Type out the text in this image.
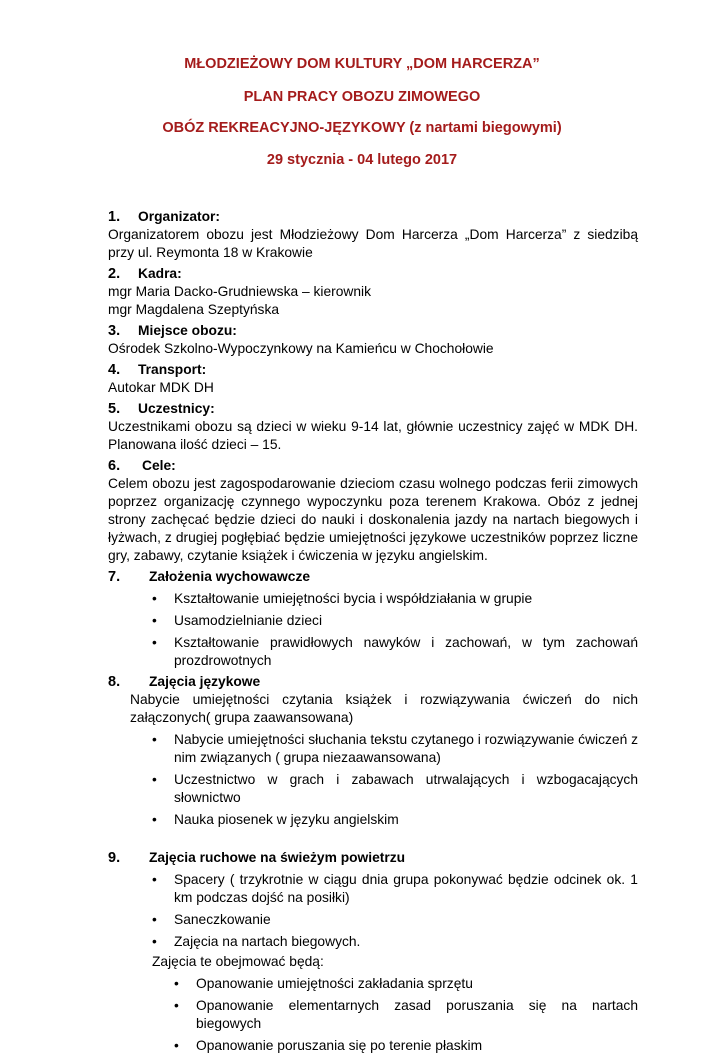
MŁODZIEŻOWY DOM KULTURY „DOM HARCERZA”
PLAN PRACY OBOZU ZIMOWEGO
OBÓZ REKREACYJNO-JĘZYKOWY (z nartami biegowymi)
29 stycznia - 04 lutego 2017
1.	Organizator:
Organizatorem obozu jest Młodzieżowy Dom Harcerza „Dom Harcerza” z siedzibą przy ul. Reymonta 18 w Krakowie
2.	Kadra:
mgr Maria Dacko-Grudniewska – kierownik
mgr Magdalena Szeptyńska
3.	Miejsce obozu:
Ośrodek Szkolno-Wypoczynkowy na Kamieńcu w Chochołowie
4.	Transport:
Autokar MDK DH
5.	Uczestnicy:
Uczestnikami obozu są dzieci w wieku 9-14 lat, głównie uczestnicy zajęć w MDK DH. Planowana ilość dzieci – 15.
6.	Cele:
Celem obozu jest zagospodarowanie dzieciom czasu wolnego podczas ferii zimowych poprzez organizację czynnego wypoczynku poza terenem Krakowa. Obóz z jednej strony zachęcać będzie dzieci do nauki i doskonalenia jazdy na nartach biegowych i łyżwach, z drugiej pogłębiać będzie umiejętności językowe uczestników poprzez liczne gry, zabawy, czytanie książek i ćwiczenia w języku angielskim.
7.	Założenia wychowawcze
• Kształtowanie umiejętności bycia i współdziałania w grupie
• Usamodzielnianie dzieci
• Kształtowanie prawidłowych nawyków i zachowań, w tym zachowań prozdrowotnych
8.	Zajęcia językowe
Nabycie umiejętności czytania książek i rozwiązywania ćwiczeń do nich załączonych( grupa zaawansowana)
• Nabycie umiejętności słuchania tekstu czytanego i rozwiązywanie ćwiczeń z nim związanych ( grupa niezaawansowana)
• Uczestnictwo w grach i zabawach utrwalających i wzbogacających słownictwo
• Nauka piosenek w języku angielskim
9.	Zajęcia ruchowe na świeżym powietrzu
• Spacery ( trzykrotnie w ciągu dnia grupa pokonywać będzie odcinek ok. 1 km podczas dojść na posiłki)
• Saneczkowanie
• Zajęcia na nartach biegowych.
Zajęcia te obejmować będą:
• Opanowanie umiejętności zakładania sprzętu
• Opanowanie elementarnych zasad poruszania się na nartach biegowych
• Opanowanie poruszania się po terenie płaskim
